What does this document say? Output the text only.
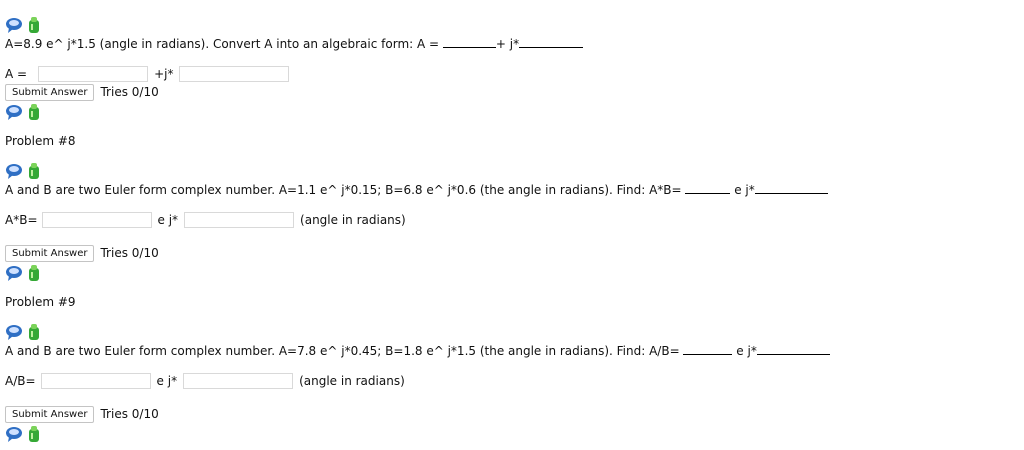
A=8.9 e^ j*1.5 (angle in radians). Convert A into an algebraic form: A =	+ j*
A =	+j*
Submit Answer	Tries 0/10
Problem #8
A and B are two Euler form complex number. A=1.1 e^ j*0.15; B=6.8 e^ j*0.6 (the angle in radians). Find: A*B=	e j*
A*B=	e j*	(angle in radians)
Submit Answer	Tries 0/10
Problem #9
A and B are two Euler form complex number. A=7.8 e^ j*0.45; B=1.8 e^ j*1.5 (the angle in radians). Find: A/B=	e j*
A/B=	e j*	(angle in radians)
Submit Answer	Tries 0/10
